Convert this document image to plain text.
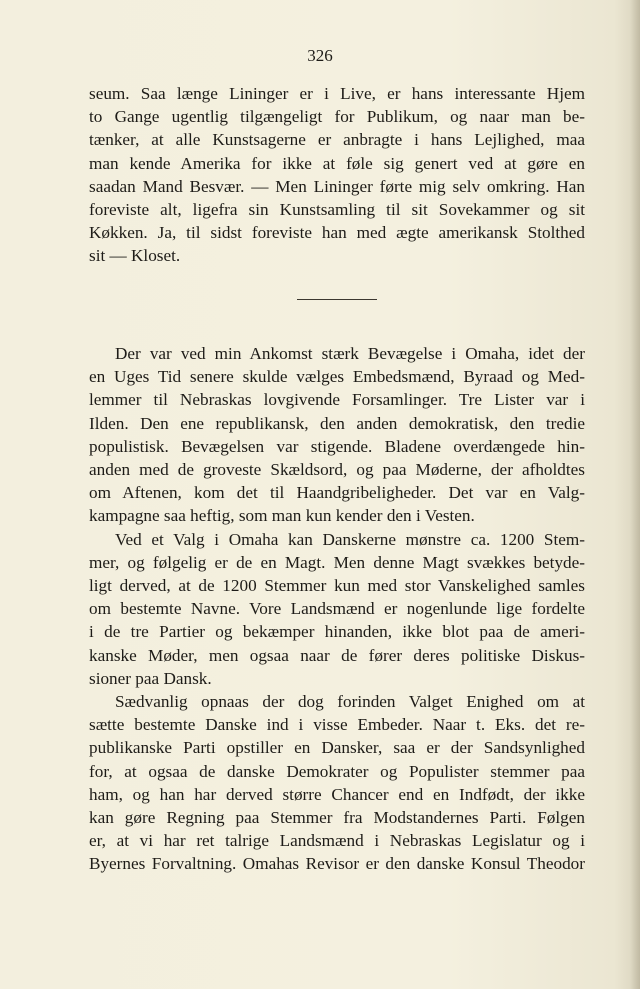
326
seum. Saa længe Lininger er i Live, er hans interessante Hjem
to Gange ugentlig tilgængeligt for Publikum, og naar man be-
tænker, at alle Kunstsagerne er anbragte i hans Lejlighed, maa
man kende Amerika for ikke at føle sig genert ved at gøre en
saadan Mand Besvær. — Men Lininger førte mig selv omkring. Han
foreviste alt, ligefra sin Kunstsamling til sit Sovekammer og sit
Køkken. Ja, til sidst foreviste han med ægte amerikansk Stolthed
sit — Kloset.
Der var ved min Ankomst stærk Bevægelse i Omaha, idet der
en Uges Tid senere skulde vælges Embedsmænd, Byraad og Med-
lemmer til Nebraskas lovgivende Forsamlinger. Tre Lister var i
Ilden. Den ene republikansk, den anden demokratisk, den tredie
populistisk. Bevægelsen var stigende. Bladene overdængede hin-
anden med de groveste Skældsord, og paa Møderne, der afholdtes
om Aftenen, kom det til Haandgribeligheder. Det var en Valg-
kampagne saa heftig, som man kun kender den i Vesten.
Ved et Valg i Omaha kan Danskerne mønstre ca. 1200 Stem-
mer, og følgelig er de en Magt. Men denne Magt svækkes betyde-
ligt derved, at de 1200 Stemmer kun med stor Vanskelighed samles
om bestemte Navne. Vore Landsmænd er nogenlunde lige fordelte
i de tre Partier og bekæmper hinanden, ikke blot paa de ameri-
kanske Møder, men ogsaa naar de fører deres politiske Diskus-
sioner paa Dansk.
Sædvanlig opnaas der dog forinden Valget Enighed om at
sætte bestemte Danske ind i visse Embeder. Naar t. Eks. det re-
publikanske Parti opstiller en Dansker, saa er der Sandsynlighed
for, at ogsaa de danske Demokrater og Populister stemmer paa
ham, og han har derved større Chancer end en Indfødt, der ikke
kan gøre Regning paa Stemmer fra Modstandernes Parti. Følgen
er, at vi har ret talrige Landsmænd i Nebraskas Legislatur og i
Byernes Forvaltning. Omahas Revisor er den danske Konsul Theodor
